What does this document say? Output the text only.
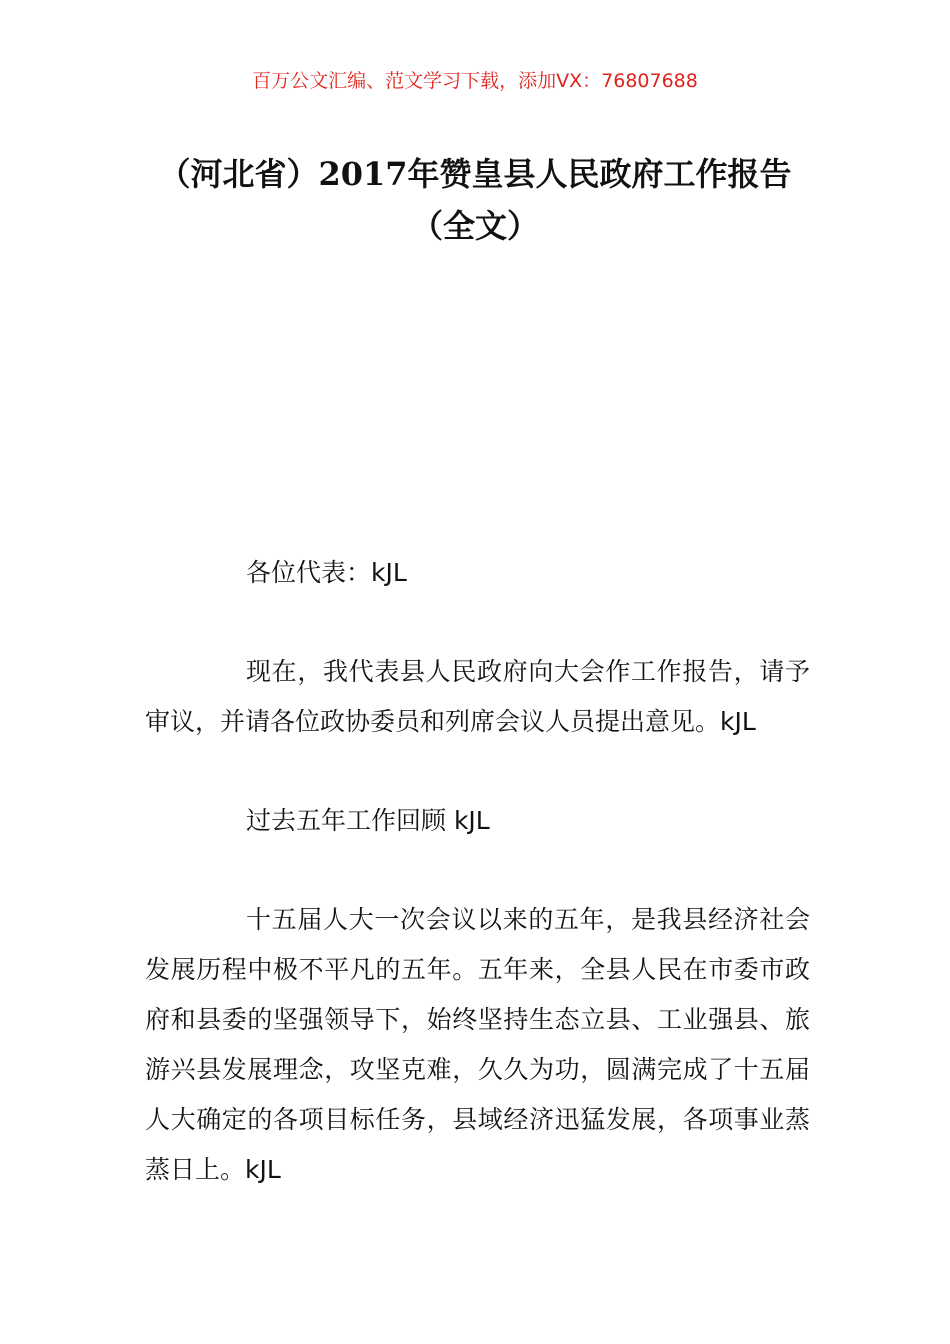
百万公文汇编、范文学习下载，添加VX：76807688
（河北省）2017年赞皇县人民政府工作报告（全文）

各位代表：kJL

现在，我代表县人民政府向大会作工作报告，请予审议，并请各位政协委员和列席会议人员提出意见。kJL

过去五年工作回顾 kJL

十五届人大一次会议以来的五年，是我县经济社会发展历程中极不平凡的五年。五年来，全县人民在市委市政府和县委的坚强领导下，始终坚持生态立县、工业强县、旅游兴县发展理念，攻坚克难，久久为功，圆满完成了十五届人大确定的各项目标任务，县域经济迅猛发展，各项事业蒸蒸日上。kJL
